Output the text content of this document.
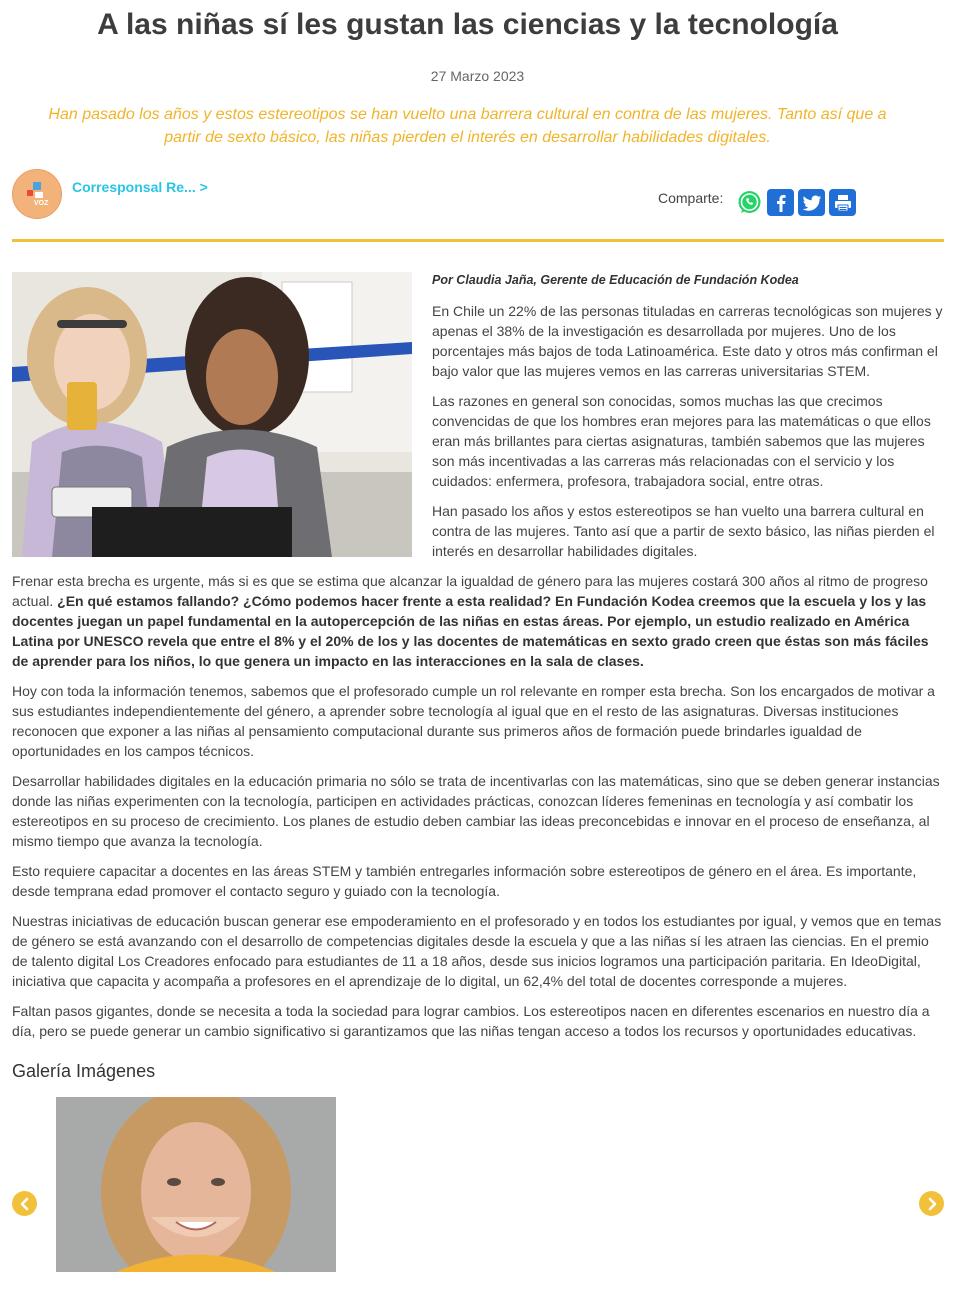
A las niñas sí les gustan las ciencias y la tecnología
27 Marzo 2023

Han pasado los años y estos estereotipos se han vuelto una barrera cultural en contra de las mujeres. Tanto así que a partir de sexto básico, las niñas pierden el interés en desarrollar habilidades digitales.

VOZ
Corresponsal Re... >
Comparte:
Por Claudia Jaña, Gerente de Educación de Fundación Kodea

En Chile un 22% de las personas tituladas en carreras tecnológicas son mujeres y apenas el 38% de la investigación es desarrollada por mujeres. Uno de los porcentajes más bajos de toda Latinoamérica. Este dato y otros más confirman el bajo valor que las mujeres vemos en las carreras universitarias STEM.

Las razones en general son conocidas, somos muchas las que crecimos convencidas de que los hombres eran mejores para las matemáticas o que ellos eran más brillantes para ciertas asignaturas, también sabemos que las mujeres son más incentivadas a las carreras más relacionadas con el servicio y los cuidados: enfermera, profesora, trabajadora social, entre otras.

Han pasado los años y estos estereotipos se han vuelto una barrera cultural en contra de las mujeres. Tanto así que a partir de sexto básico, las niñas pierden el interés en desarrollar habilidades digitales.

Frenar esta brecha es urgente, más si es que se estima que alcanzar la igualdad de género para las mujeres costará 300 años al ritmo de progreso actual. ¿En qué estamos fallando? ¿Cómo podemos hacer frente a esta realidad? En Fundación Kodea creemos que la escuela y los y las docentes juegan un papel fundamental en la autopercepción de las niñas en estas áreas. Por ejemplo, un estudio realizado en América Latina por UNESCO revela que entre el 8% y el 20% de los y las docentes de matemáticas en sexto grado creen que éstas son más fáciles de aprender para los niños, lo que genera un impacto en las interacciones en la sala de clases.

Hoy con toda la información tenemos, sabemos que el profesorado cumple un rol relevante en romper esta brecha. Son los encargados de motivar a sus estudiantes independientemente del género, a aprender sobre tecnología al igual que en el resto de las asignaturas. Diversas instituciones reconocen que exponer a las niñas al pensamiento computacional durante sus primeros años de formación puede brindarles igualdad de oportunidades en los campos técnicos.

Desarrollar habilidades digitales en la educación primaria no sólo se trata de incentivarlas con las matemáticas, sino que se deben generar instancias donde las niñas experimenten con la tecnología, participen en actividades prácticas, conozcan líderes femeninas en tecnología y así combatir los estereotipos en su proceso de crecimiento. Los planes de estudio deben cambiar las ideas preconcebidas e innovar en el proceso de enseñanza, al mismo tiempo que avanza la tecnología.

Esto requiere capacitar a docentes en las áreas STEM y también entregarles información sobre estereotipos de género en el área. Es importante, desde temprana edad promover el contacto seguro y guiado con la tecnología.

Nuestras iniciativas de educación buscan generar ese empoderamiento en el profesorado y en todos los estudiantes por igual, y vemos que en temas de género se está avanzando con el desarrollo de competencias digitales desde la escuela y que a las niñas sí les atraen las ciencias. En el premio de talento digital Los Creadores enfocado para estudiantes de 11 a 18 años, desde sus inicios logramos una participación paritaria. En IdeoDigital, iniciativa que capacita y acompaña a profesores en el aprendizaje de lo digital, un 62,4% del total de docentes corresponde a mujeres.

Faltan pasos gigantes, donde se necesita a toda la sociedad para lograr cambios. Los estereotipos nacen en diferentes escenarios en nuestro día a día, pero se puede generar un cambio significativo si garantizamos que las niñas tengan acceso a todos los recursos y oportunidades educativas.

Galería Imágenes
